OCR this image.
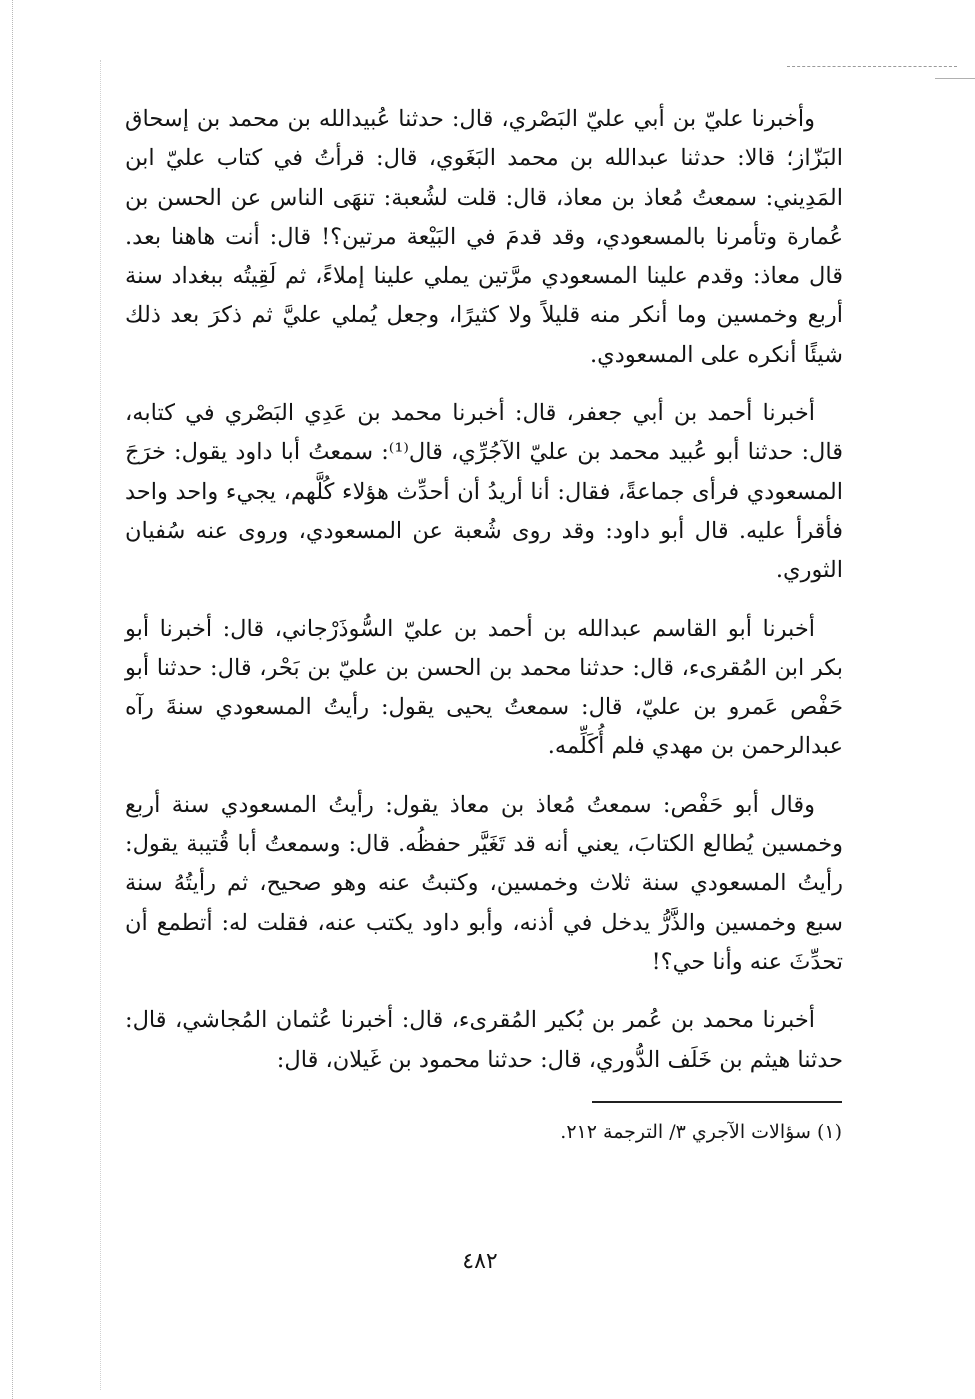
وأخبرنا عليّ بن أبي عليّ البَصْري، قال: حدثنا عُبيدالله بن محمد بن إسحاق البَزّاز؛ قالا: حدثنا عبدالله بن محمد البَغَوي، قال: قرأتُ في كتاب عليّ ابن المَدِيني: سمعتُ مُعاذ بن معاذ، قال: قلت لشُعبة: تنهَى الناس عن الحسن بن عُمارة وتأمرنا بالمسعودي، وقد قدمَ في البَيْعة مرتين؟! قال: أنت هاهنا بعد. قال معاذ: وقدم علينا المسعودي مرَّتين يملي علينا إملاءً، ثم لَقِيتُه ببغداد سنة أربع وخمسين وما أنكر منه قليلاً ولا كثيرًا، وجعل يُملي عليَّ ثم ذكرَ بعد ذلك شيئًا أنكره على المسعودي.

أخبرنا أحمد بن أبي جعفر، قال: أخبرنا محمد بن عَدِي البَصْري في كتابه، قال: حدثنا أبو عُبيد محمد بن عليّ الآجُرِّي، قال⁽¹⁾: سمعتُ أبا داود يقول: خرَجَ المسعودي فرأى جماعةً، فقال: أنا أريدُ أن أحدِّث هؤلاء كُلَّهم، يجيء واحد واحد فأقرأ عليه. قال أبو داود: وقد روى شُعبة عن المسعودي، وروى عنه سُفيان الثوري.

أخبرنا أبو القاسم عبدالله بن أحمد بن عليّ السُّوذَرْجاني، قال: أخبرنا أبو بكر ابن المُقرىء، قال: حدثنا محمد بن الحسن بن عليّ بن بَحْر، قال: حدثنا أبو حَفْص عَمرو بن عليّ، قال: سمعتُ يحيى يقول: رأيتُ المسعودي سنةَ رآه عبدالرحمن بن مهدي فلم أُكَلِّمه.

وقال أبو حَفْص: سمعتُ مُعاذ بن معاذ يقول: رأيتُ المسعودي سنة أربع وخمسين يُطالع الكتابَ، يعني أنه قد تَغَيَّر حفظُه. قال: وسمعتُ أبا قُتيبة يقول: رأيتُ المسعودي سنة ثلاث وخمسين، وكتبتُ عنه وهو صحيح، ثم رأيتُهُ سنة سبع وخمسين والذَّرُّ يدخل في أذنه، وأبو داود يكتب عنه، فقلت له: أتطمع أن تحدِّثَ عنه وأنا حي؟!

أخبرنا محمد بن عُمر بن بُكير المُقرىء، قال: أخبرنا عُثمان المُجاشي، قال: حدثنا هيثم بن خَلَف الدُّوري، قال: حدثنا محمود بن غَيلان، قال:

(١) سؤالات الآجري ٣/ الترجمة ٢١٢.
٤٨٢
